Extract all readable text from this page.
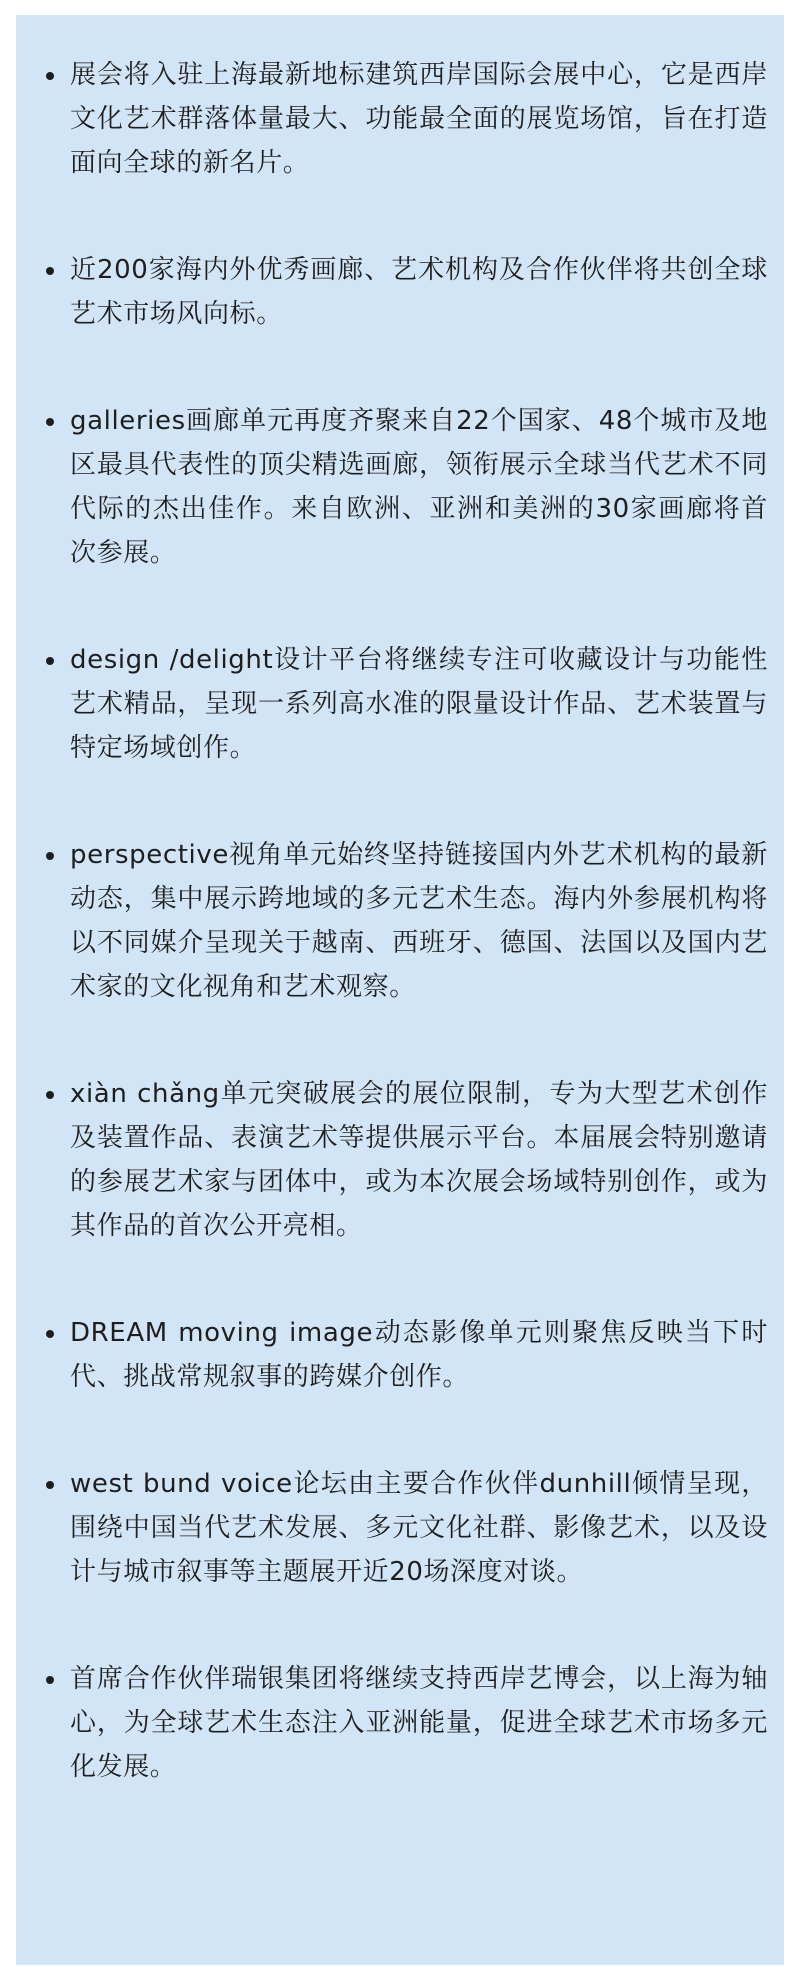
展会将入驻上海最新地标建筑西岸国际会展中心，它是西岸文化艺术群落体量最大、功能最全面的展览场馆，旨在打造面向全球的新名片。
近200家海内外优秀画廊、艺术机构及合作伙伴将共创全球艺术市场风向标。
galleries画廊单元再度齐聚来自22个国家、48个城市及地区最具代表性的顶尖精选画廊，领衔展示全球当代艺术不同代际的杰出佳作。来自欧洲、亚洲和美洲的30家画廊将首次参展。
design /delight设计平台将继续专注可收藏设计与功能性艺术精品，呈现一系列高水准的限量设计作品、艺术装置与特定场域创作。
perspective视角单元始终坚持链接国内外艺术机构的最新动态，集中展示跨地域的多元艺术生态。海内外参展机构将以不同媒介呈现关于越南、西班牙、德国、法国以及国内艺术家的文化视角和艺术观察。
xiàn chǎng单元突破展会的展位限制，专为大型艺术创作及装置作品、表演艺术等提供展示平台。本届展会特别邀请的参展艺术家与团体中，或为本次展会场域特别创作，或为其作品的首次公开亮相。
DREAM moving image动态影像单元则聚焦反映当下时代、挑战常规叙事的跨媒介创作。
west bund voice论坛由主要合作伙伴dunhill倾情呈现，围绕中国当代艺术发展、多元文化社群、影像艺术，以及设计与城市叙事等主题展开近20场深度对谈。
首席合作伙伴瑞银集团将继续支持西岸艺博会，以上海为轴心，为全球艺术生态注入亚洲能量，促进全球艺术市场多元化发展。
